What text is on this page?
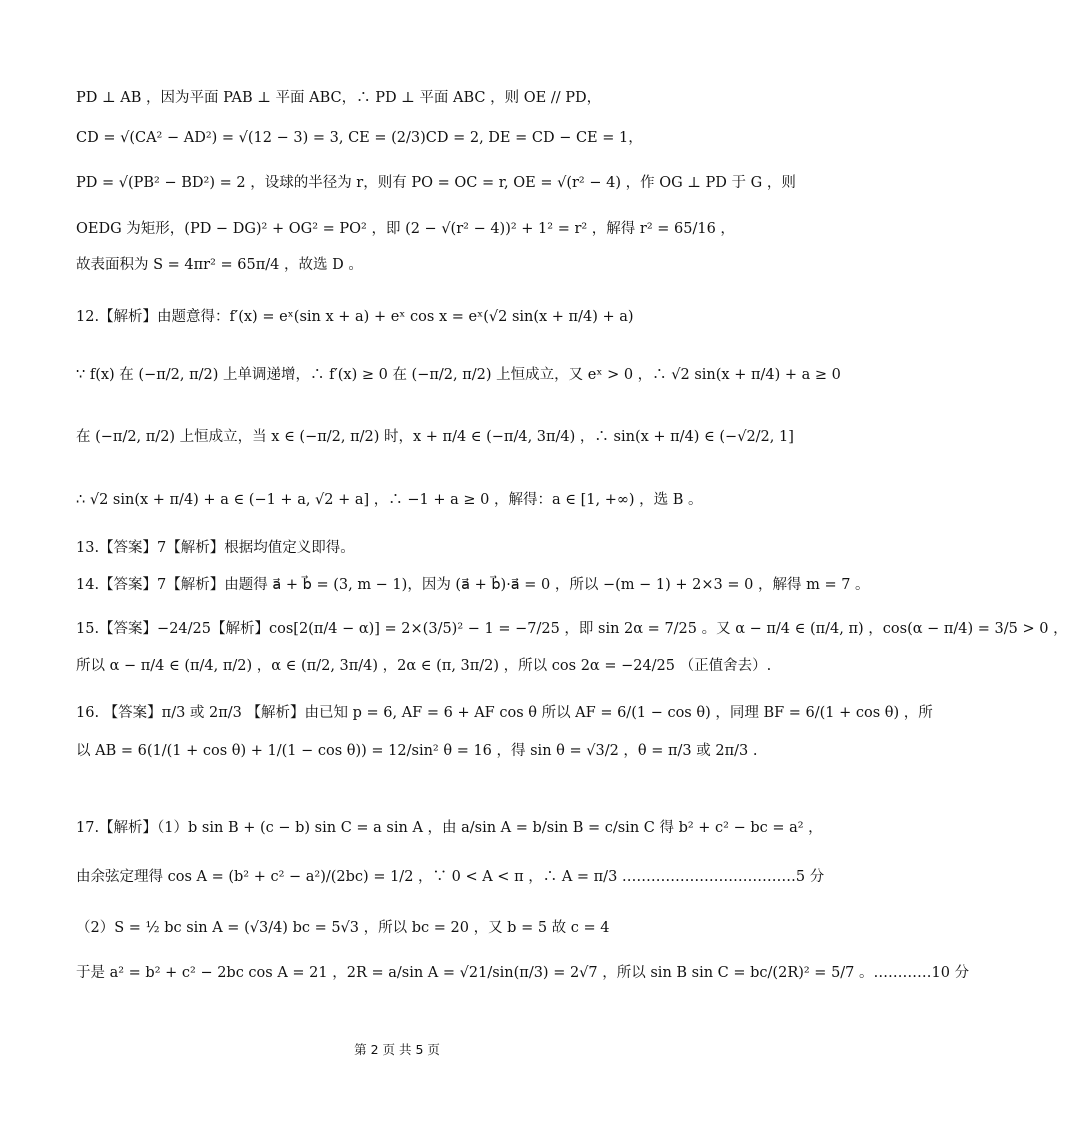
PD ⊥ AB ，因为平面 PAB ⊥ 平面 ABC，∴ PD ⊥ 平面 ABC ，则 OE // PD，
CD = √(CA² − AD²) = √(12 − 3) = 3, CE = (2/3)CD = 2, DE = CD − CE = 1，
PD = √(PB² − BD²) = 2 ，设球的半径为 r，则有 PO = OC = r, OE = √(r² − 4) ，作 OG ⊥ PD 于 G ，则
OEDG 为矩形，(PD − DG)² + OG² = PO² ，即 (2 − √(r² − 4))² + 1² = r² ，解得 r² = 65/16 ，
故表面积为 S = 4πr² = 65π/4 ，故选 D 。
12.【解析】由题意得：f′(x) = eˣ(sin x + a) + eˣ cos x = eˣ(√2 sin(x + π/4) + a)
∵ f(x) 在 (−π/2, π/2) 上单调递增，∴ f′(x) ≥ 0 在 (−π/2, π/2) 上恒成立，又 eˣ > 0 ，∴ √2 sin(x + π/4) + a ≥ 0
在 (−π/2, π/2) 上恒成立，当 x ∈ (−π/2, π/2) 时，x + π/4 ∈ (−π/4, 3π/4) ，∴ sin(x + π/4) ∈ (−√2/2, 1]
∴ √2 sin(x + π/4) + a ∈ (−1 + a, √2 + a] ，∴ −1 + a ≥ 0 ，解得：a ∈ [1, +∞) ，选 B 。
13.【答案】7【解析】根据均值定义即得。
14.【答案】7【解析】由题得 a⃗ + b⃗ = (3, m − 1)，因为 (a⃗ + b⃗)·a⃗ = 0 ，所以 −(m − 1) + 2×3 = 0 ，解得 m = 7 。
15.【答案】−24/25【解析】cos[2(π/4 − α)] = 2×(3/5)² − 1 = −7/25 ，即 sin 2α = 7/25 。又 α − π/4 ∈ (π/4, π) ，cos(α − π/4) = 3/5 > 0 ，
所以 α − π/4 ∈ (π/4, π/2) ，α ∈ (π/2, 3π/4) ，2α ∈ (π, 3π/2) ，所以 cos 2α = −24/25 （正值舍去）.
16. 【答案】π/3 或 2π/3 【解析】由已知 p = 6, AF = 6 + AF cos θ 所以 AF = 6/(1 − cos θ) ，同理 BF = 6/(1 + cos θ) ，所
以 AB = 6(1/(1 + cos θ) + 1/(1 − cos θ)) = 12/sin² θ = 16 ，得 sin θ = √3/2 ，θ = π/3 或 2π/3 .
17.【解析】（1）b sin B + (c − b) sin C = a sin A ，由 a/sin A = b/sin B = c/sin C 得 b² + c² − bc = a² ，
由余弦定理得 cos A = (b² + c² − a²)/(2bc) = 1/2 ，∵ 0 < A < π ，∴ A = π/3 ………………………………5 分
（2）S = ½ bc sin A = (√3/4) bc = 5√3 ，所以 bc = 20 ，又 b = 5 故 c = 4
于是 a² = b² + c² − 2bc cos A = 21 ，2R = a/sin A = √21/sin(π/3) = 2√7 ，所以 sin B sin C = bc/(2R)² = 5/7 。…………10 分
第 2 页 共 5 页
